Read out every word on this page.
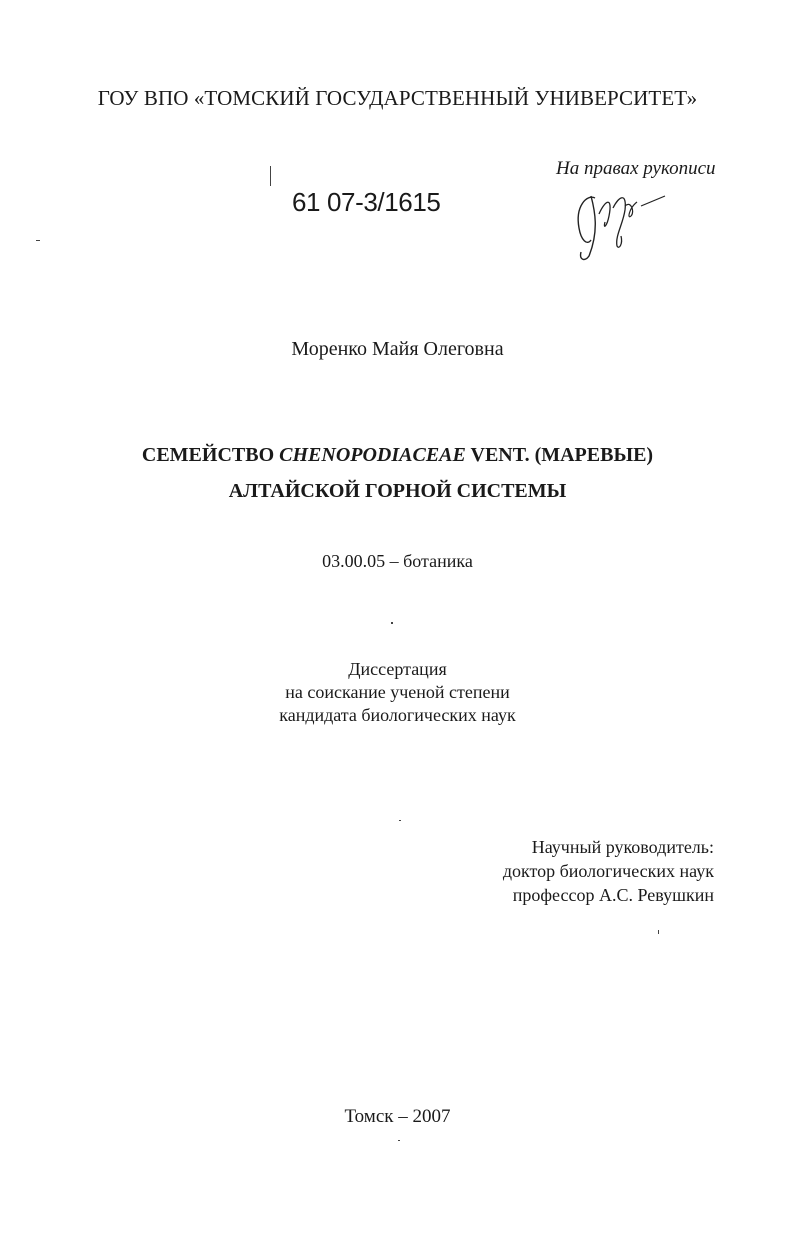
ГОУ ВПО «ТОМСКИЙ ГОСУДАРСТВЕННЫЙ УНИВЕРСИТЕТ»
61 07-3/1615
На правах рукописи
Моренко Майя Олеговна
СЕМЕЙСТВО CHENOPODIACEAE VENT. (МАРЕВЫЕ)
АЛТАЙСКОЙ ГОРНОЙ СИСТЕМЫ
03.00.05 – ботаника
Диссертация
на соискание ученой степени
кандидата биологических наук
Научный руководитель:
доктор биологических наук
профессор А.С. Ревушкин
Томск – 2007
